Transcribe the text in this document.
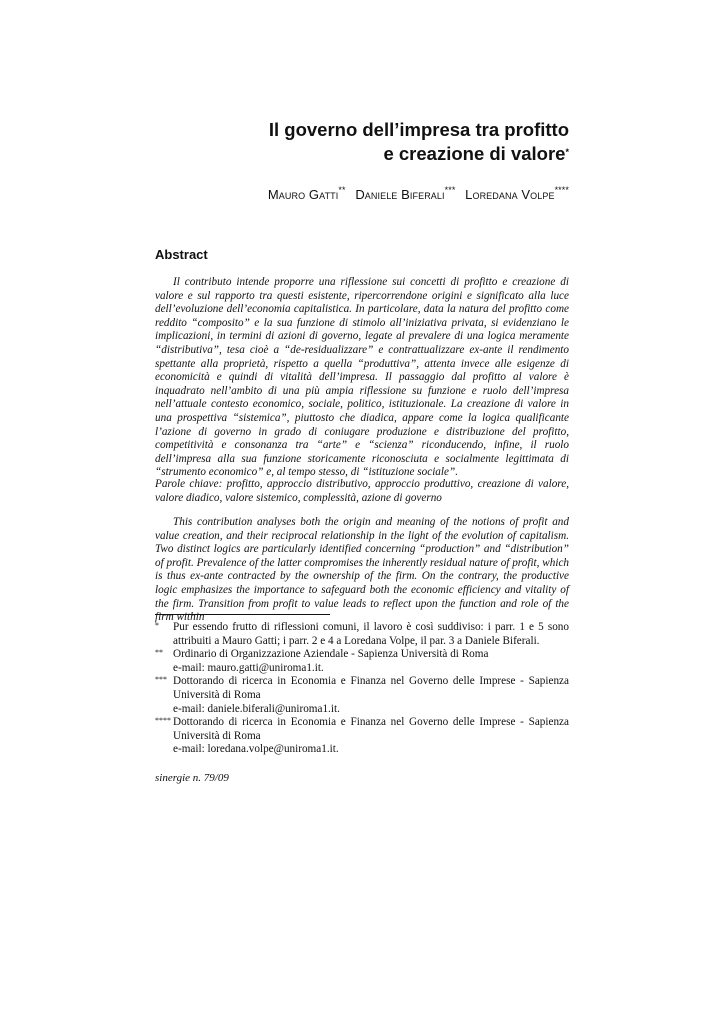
Il governo dell’impresa tra profitto
e creazione di valore*
Mauro Gatti** Daniele Biferali*** Loredana Volpe****
Abstract
Il contributo intende proporre una riflessione sui concetti di profitto e creazione di valore e sul rapporto tra questi esistente, ripercorrendone origini e significato alla luce dell’evoluzione dell’economia capitalistica. In particolare, data la natura del profitto come reddito “composito” e la sua funzione di stimolo all’iniziativa privata, si evidenziano le implicazioni, in termini di azioni di governo, legate al prevalere di una logica meramente “distributiva”, tesa cioè a “de-residualizzare” e contrattualizzare ex-ante il rendimento spettante alla proprietà, rispetto a quella “produttiva”, attenta invece alle esigenze di economicità e quindi di vitalità dell’impresa. Il passaggio dal profitto al valore è inquadrato nell’ambito di una più ampia riflessione su funzione e ruolo dell’impresa nell’attuale contesto economico, sociale, politico, istituzionale. La creazione di valore in una prospettiva “sistemica”, piuttosto che diadica, appare come la logica qualificante l’azione di governo in grado di coniugare produzione e distribuzione del profitto, competitività e consonanza tra “arte” e “scienza” riconducendo, infine, il ruolo dell’impresa alla sua funzione storicamente riconosciuta e socialmente legittimata di “strumento economico” e, al tempo stesso, di “istituzione sociale”.
Parole chiave: profitto, approccio distributivo, approccio produttivo, creazione di valore, valore diadico, valore sistemico, complessità, azione di governo
This contribution analyses both the origin and meaning of the notions of profit and value creation, and their reciprocal relationship in the light of the evolution of capitalism. Two distinct logics are particularly identified concerning “production” and “distribution” of profit. Prevalence of the latter compromises the inherently residual nature of profit, which is thus ex-ante contracted by the ownership of the firm. On the contrary, the productive logic emphasizes the importance to safeguard both the economic efficiency and vitality of the firm. Transition from profit to value leads to reflect upon the function and role of the firm within
*	Pur essendo frutto di riflessioni comuni, il lavoro è così suddiviso: i parr. 1 e 5 sono attribuiti a Mauro Gatti; i parr. 2 e 4 a Loredana Volpe, il par. 3 a Daniele Biferali.
** Ordinario di Organizzazione Aziendale - Sapienza Università di Roma
e-mail: mauro.gatti@uniroma1.it.
*** Dottorando di ricerca in Economia e Finanza nel Governo delle Imprese - Sapienza Università di Roma
e-mail: daniele.biferali@uniroma1.it.
**** Dottorando di ricerca in Economia e Finanza nel Governo delle Imprese - Sapienza Università di Roma
e-mail: loredana.volpe@uniroma1.it.
sinergie n. 79/09
